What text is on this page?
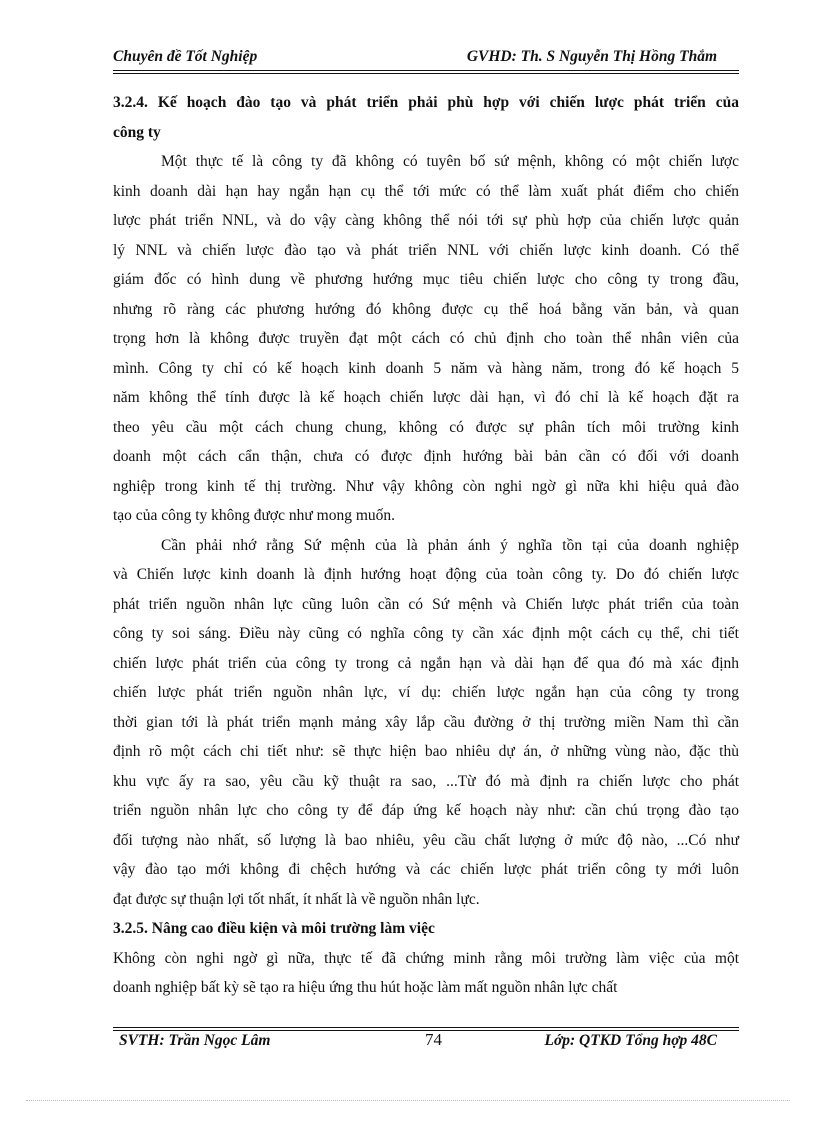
Chuyên đề Tốt Nghiệp	GVHD: Th. S Nguyễn Thị Hồng Thắm
3.2.4. Kế hoạch đào tạo và phát triển phải phù hợp với chiến lược phát triển của
công ty
Một thực tế là công ty đã không có tuyên bố sứ mệnh, không có một chiến lược
kinh doanh dài hạn hay ngắn hạn cụ thể tới mức có thể làm xuất phát điểm cho chiến
lược phát triển NNL, và do vậy càng không thể nói tới sự phù hợp của chiến lược quản
lý NNL và chiến lược đào tạo và phát triển NNL với chiến lược kinh doanh. Có thể
giám đốc có hình dung về phương hướng mục tiêu chiến lược cho công ty trong đầu,
nhưng rõ ràng các phương hướng đó không được cụ thể hoá bằng văn bản, và quan
trọng hơn là không được truyền đạt một cách có chủ định cho toàn thể nhân viên của
mình. Công ty chỉ có kế hoạch kinh doanh 5 năm và hàng năm, trong đó kế hoạch 5
năm không thể tính được là kế hoạch chiến lược dài hạn, vì đó chỉ là kế hoạch đặt ra
theo yêu cầu một cách chung chung, không có được sự phân tích môi trường kinh
doanh một cách cẩn thận, chưa có được định hướng bài bản cần có đối với doanh
nghiệp trong kinh tế thị trường. Như vậy không còn nghi ngờ gì nữa khi hiệu quả đào
tạo của công ty không được như mong muốn.
Cần phải nhớ rằng Sứ mệnh của là phản ánh ý nghĩa tồn tại của doanh nghiệp
và Chiến lược kinh doanh là định hướng hoạt động của toàn công ty. Do đó chiến lược
phát triển nguồn nhân lực cũng luôn cần có Sứ mệnh và Chiến lược phát triển của toàn
công ty soi sáng. Điều này cũng có nghĩa công ty cần xác định một cách cụ thể, chi tiết
chiến lược phát triển của công ty trong cả ngắn hạn và dài hạn để qua đó mà xác định
chiến lược phát triển nguồn nhân lực, ví dụ: chiến lược ngắn hạn của công ty trong
thời gian tới là phát triển mạnh mảng xây lắp cầu đường ở thị trường miền Nam thì cần
định rõ một cách chi tiết như: sẽ thực hiện bao nhiêu dự án, ở những vùng nào, đặc thù
khu vực ấy ra sao, yêu cầu kỹ thuật ra sao, ...Từ đó mà định ra chiến lược cho phát
triển nguồn nhân lực cho công ty để đáp ứng kế hoạch này như: cần chú trọng đào tạo
đối tượng nào nhất, số lượng là bao nhiêu, yêu cầu chất lượng ở mức độ nào, ...Có như
vậy đào tạo mới không đi chệch hướng và các chiến lược phát triển công ty mới luôn
đạt được sự thuận lợi tốt nhất, ít nhất là về nguồn nhân lực.
3.2.5. Nâng cao điều kiện và môi trường làm việc
Không còn nghi ngờ gì nữa, thực tế đã chứng minh rằng môi trường làm việc của một
doanh nghiệp bất kỳ sẽ tạo ra hiệu ứng thu hút hoặc làm mất nguồn nhân lực chất
SVTH: Trần Ngọc Lâm	74	Lớp: QTKD Tổng hợp 48C
